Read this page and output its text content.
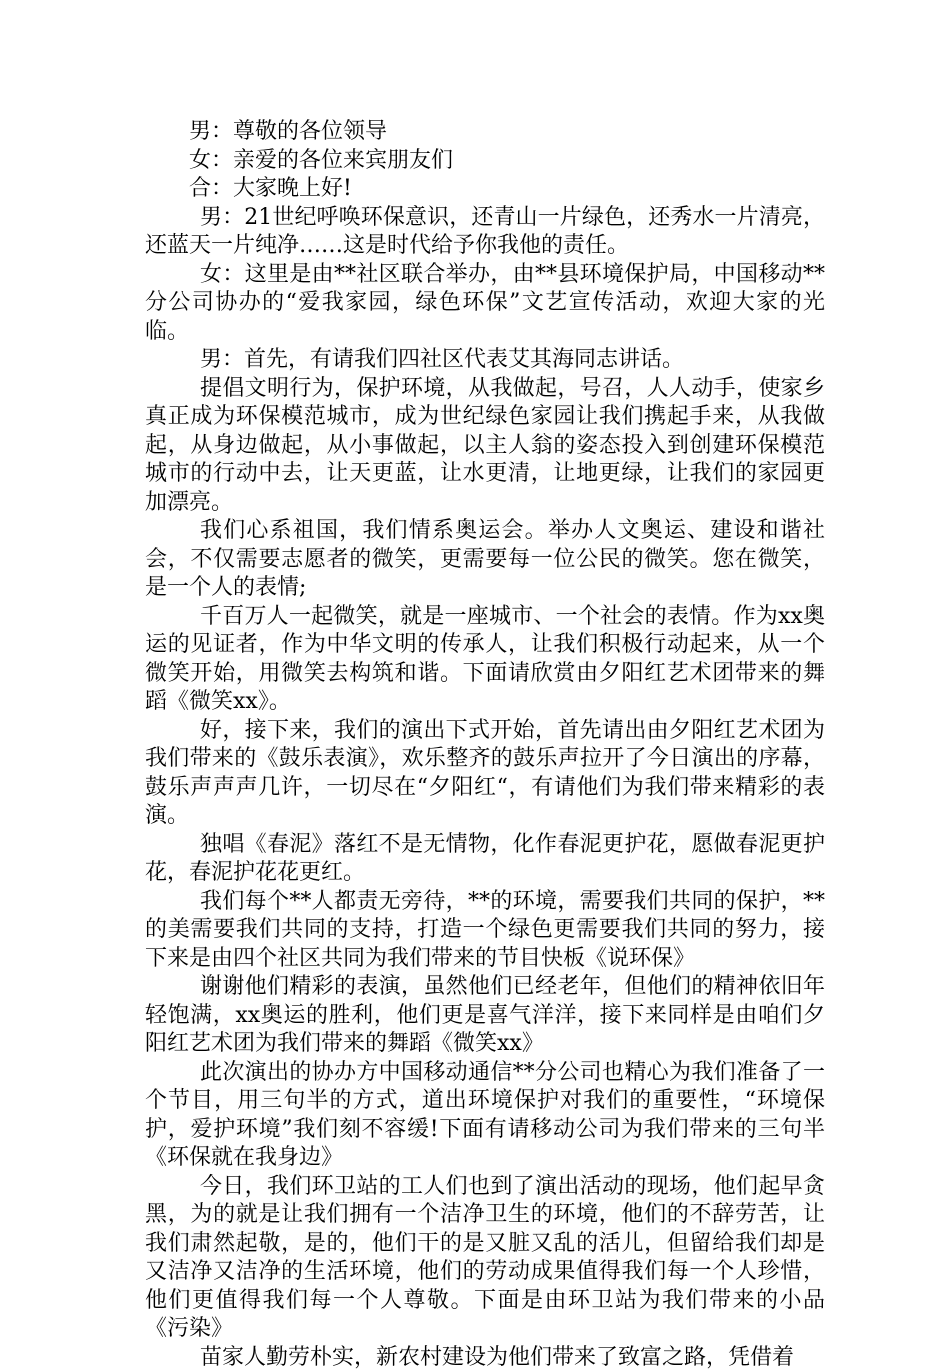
男：尊敬的各位领导

女：亲爱的各位来宾朋友们

合：大家晚上好!

男：21世纪呼唤环保意识，还青山一片绿色，还秀水一片清亮，还蓝天一片纯净……这是时代给予你我他的责任。

女：这里是由**社区联合举办，由**县环境保护局，中国移动**分公司协办的“爱我家园，绿色环保”文艺宣传活动，欢迎大家的光临。

男：首先，有请我们四社区代表艾其海同志讲话。

提倡文明行为，保护环境，从我做起，号召，人人动手，使家乡真正成为环保模范城市，成为世纪绿色家园让我们携起手来，从我做起，从身边做起，从小事做起，以主人翁的姿态投入到创建环保模范城市的行动中去，让天更蓝，让水更清，让地更绿，让我们的家园更加漂亮。

我们心系祖国，我们情系奥运会。举办人文奥运、建设和谐社会，不仅需要志愿者的微笑，更需要每一位公民的微笑。您在微笑，是一个人的表情;

千百万人一起微笑，就是一座城市、一个社会的表情。作为xx奥运的见证者，作为中华文明的传承人，让我们积极行动起来，从一个微笑开始，用微笑去构筑和谐。下面请欣赏由夕阳红艺术团带来的舞蹈《微笑xx》。

好，接下来，我们的演出下式开始，首先请出由夕阳红艺术团为我们带来的《鼓乐表演》，欢乐整齐的鼓乐声拉开了今日演出的序幕，鼓乐声声声几许，一切尽在“夕阳红“，有请他们为我们带来精彩的表演。

独唱《春泥》落红不是无情物，化作春泥更护花，愿做春泥更护花，春泥护花花更红。

我们每个**人都责无旁待，**的环境，需要我们共同的保护，**的美需要我们共同的支持，打造一个绿色更需要我们共同的努力，接下来是由四个社区共同为我们带来的节目快板《说环保》

谢谢他们精彩的表演，虽然他们已经老年，但他们的精神依旧年轻饱满，xx奥运的胜利，他们更是喜气洋洋，接下来同样是由咱们夕阳红艺术团为我们带来的舞蹈《微笑xx》

此次演出的协办方中国移动通信**分公司也精心为我们准备了一个节目，用三句半的方式，道出环境保护对我们的重要性，“环境保护，爱护环境”我们刻不容缓!下面有请移动公司为我们带来的三句半《环保就在我身边》

今日，我们环卫站的工人们也到了演出活动的现场，他们起早贪黑，为的就是让我们拥有一个洁净卫生的环境，他们的不辞劳苦，让我们肃然起敬，是的，他们干的是又脏又乱的活儿，但留给我们却是又洁净又洁净的生活环境，他们的劳动成果值得我们每一个人珍惜，他们更值得我们每一个人尊敬。下面是由环卫站为我们带来的小品《污染》

苗家人勤劳朴实，新农村建设为他们带来了致富之路，凭借着
